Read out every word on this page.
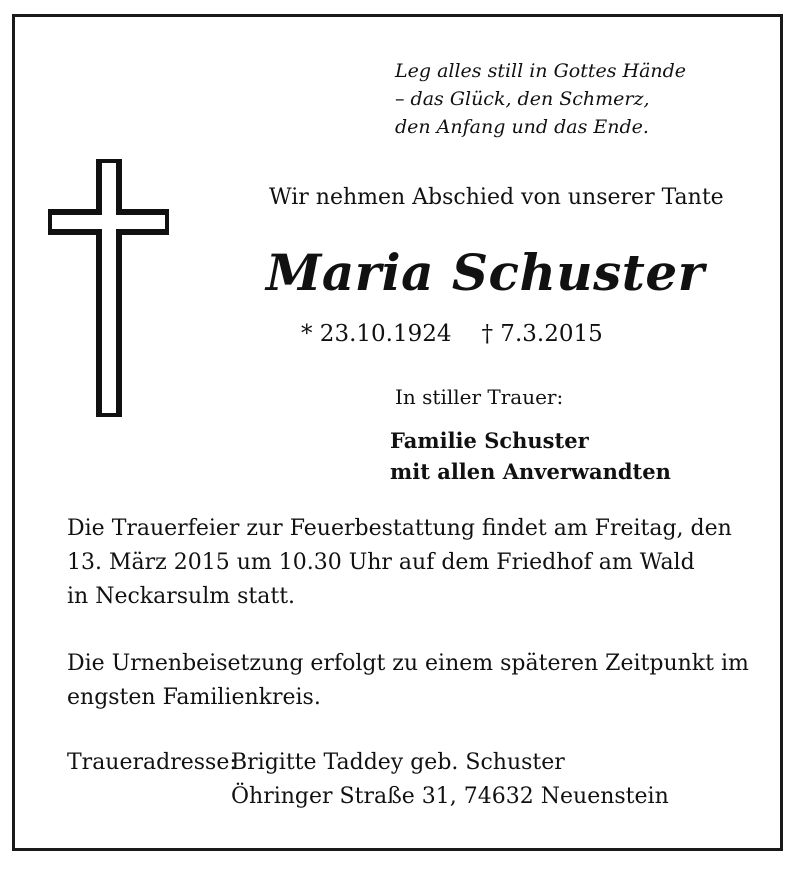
Leg alles still in Gottes Hände
– das Glück, den Schmerz,
den Anfang und das Ende.
Wir nehmen Abschied von unserer Tante
Maria Schuster
* 23.10.1924 † 7.3.2015
In stiller Trauer:
Familie Schuster
mit allen Anverwandten
Die Trauerfeier zur Feuerbestattung findet am Freitag, den
13. März 2015 um 10.30 Uhr auf dem Friedhof am Wald
in Neckarsulm statt.
Die Urnenbeisetzung erfolgt zu einem späteren Zeitpunkt im
engsten Familienkreis.
Traueradresse:
Brigitte Taddey geb. Schuster
Öhringer Straße 31, 74632 Neuenstein
